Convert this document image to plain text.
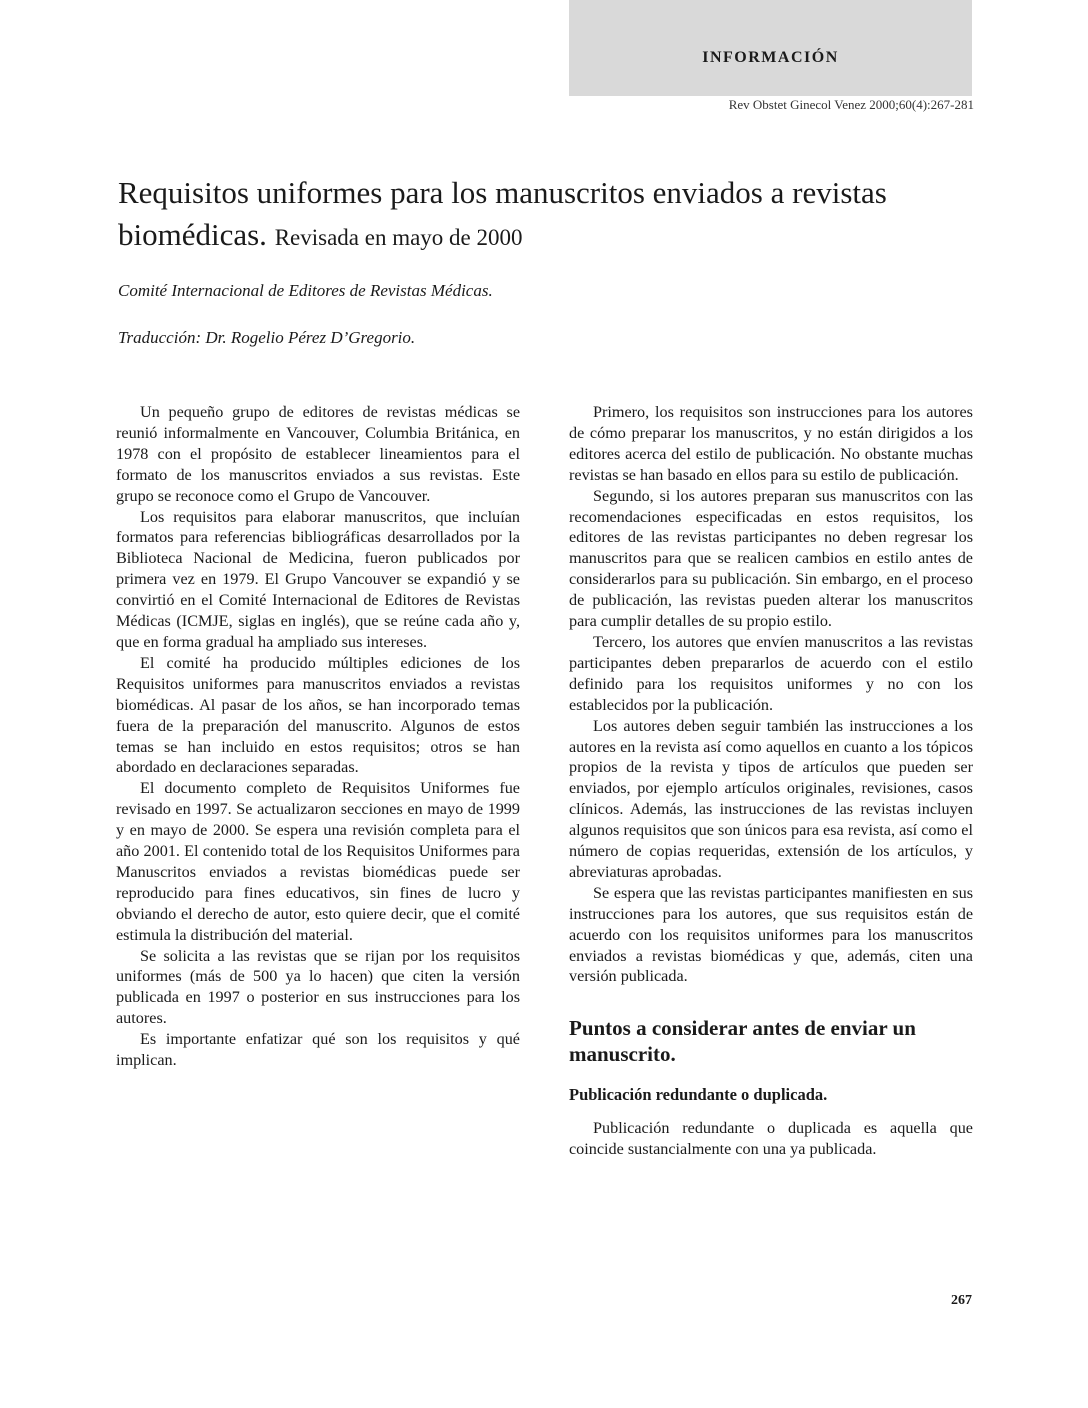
INFORMACIÓN
Rev Obstet Ginecol Venez 2000;60(4):267-281
Requisitos uniformes para los manuscritos enviados a revistas biomédicas. Revisada en mayo de 2000
Comité Internacional de Editores de Revistas Médicas.
Traducción: Dr. Rogelio Pérez D’Gregorio.

Un pequeño grupo de editores de revistas médicas se reunió informalmente en Vancouver, Columbia Británica, en 1978 con el propósito de establecer lineamientos para el formato de los manuscritos enviados a sus revistas. Este grupo se reconoce como el Grupo de Vancouver.

Los requisitos para elaborar manuscritos, que incluían formatos para referencias bibliográficas desarrollados por la Biblioteca Nacional de Medicina, fueron publicados por primera vez en 1979. El Grupo Vancouver se expandió y se convirtió en el Comité Internacional de Editores de Revistas Médicas (ICMJE, siglas en inglés), que se reúne cada año y, que en forma gradual ha ampliado sus intereses.

El comité ha producido múltiples ediciones de los Requisitos uniformes para manuscritos enviados a revistas biomédicas. Al pasar de los años, se han incorporado temas fuera de la preparación del manuscrito. Algunos de estos temas se han incluido en estos requisitos; otros se han abordado en declaraciones separadas.

El documento completo de Requisitos Uniformes fue revisado en 1997. Se actualizaron secciones en mayo de 1999 y en mayo de 2000. Se espera una revisión completa para el año 2001. El contenido total de los Requisitos Uniformes para Manuscritos enviados a revistas biomédicas puede ser reproducido para fines educativos, sin fines de lucro y obviando el derecho de autor, esto quiere decir, que el comité estimula la distribución del material.

Se solicita a las revistas que se rijan por los requisitos uniformes (más de 500 ya lo hacen) que citen la versión publicada en 1997 o posterior en sus instrucciones para los autores.

Es importante enfatizar qué son los requisitos y qué implican.

Primero, los requisitos son instrucciones para los autores de cómo preparar los manuscritos, y no están dirigidos a los editores acerca del estilo de publicación. No obstante muchas revistas se han basado en ellos para su estilo de publicación.

Segundo, si los autores preparan sus manuscritos con las recomendaciones especificadas en estos requisitos, los editores de las revistas participantes no deben regresar los manuscritos para que se realicen cambios en estilo antes de considerarlos para su publicación. Sin embargo, en el proceso de publicación, las revistas pueden alterar los manuscritos para cumplir detalles de su propio estilo.

Tercero, los autores que envíen manuscritos a las revistas participantes deben prepararlos de acuerdo con el estilo definido para los requisitos uniformes y no con los establecidos por la publicación.

Los autores deben seguir también las instrucciones a los autores en la revista así como aquellos en cuanto a los tópicos propios de la revista y tipos de artículos que pueden ser enviados, por ejemplo artículos originales, revisiones, casos clínicos. Además, las instrucciones de las revistas incluyen algunos requisitos que son únicos para esa revista, así como el número de copias requeridas, extensión de los artículos, y abreviaturas aprobadas.

Se espera que las revistas participantes manifiesten en sus instrucciones para los autores, que sus requisitos están de acuerdo con los requisitos uniformes para los manuscritos enviados a revistas biomédicas y que, además, citen una versión publicada.

Puntos a considerar antes de enviar un manuscrito.
Publicación redundante o duplicada.

Publicación redundante o duplicada es aquella que coincide sustancialmente con una ya publicada.

267
